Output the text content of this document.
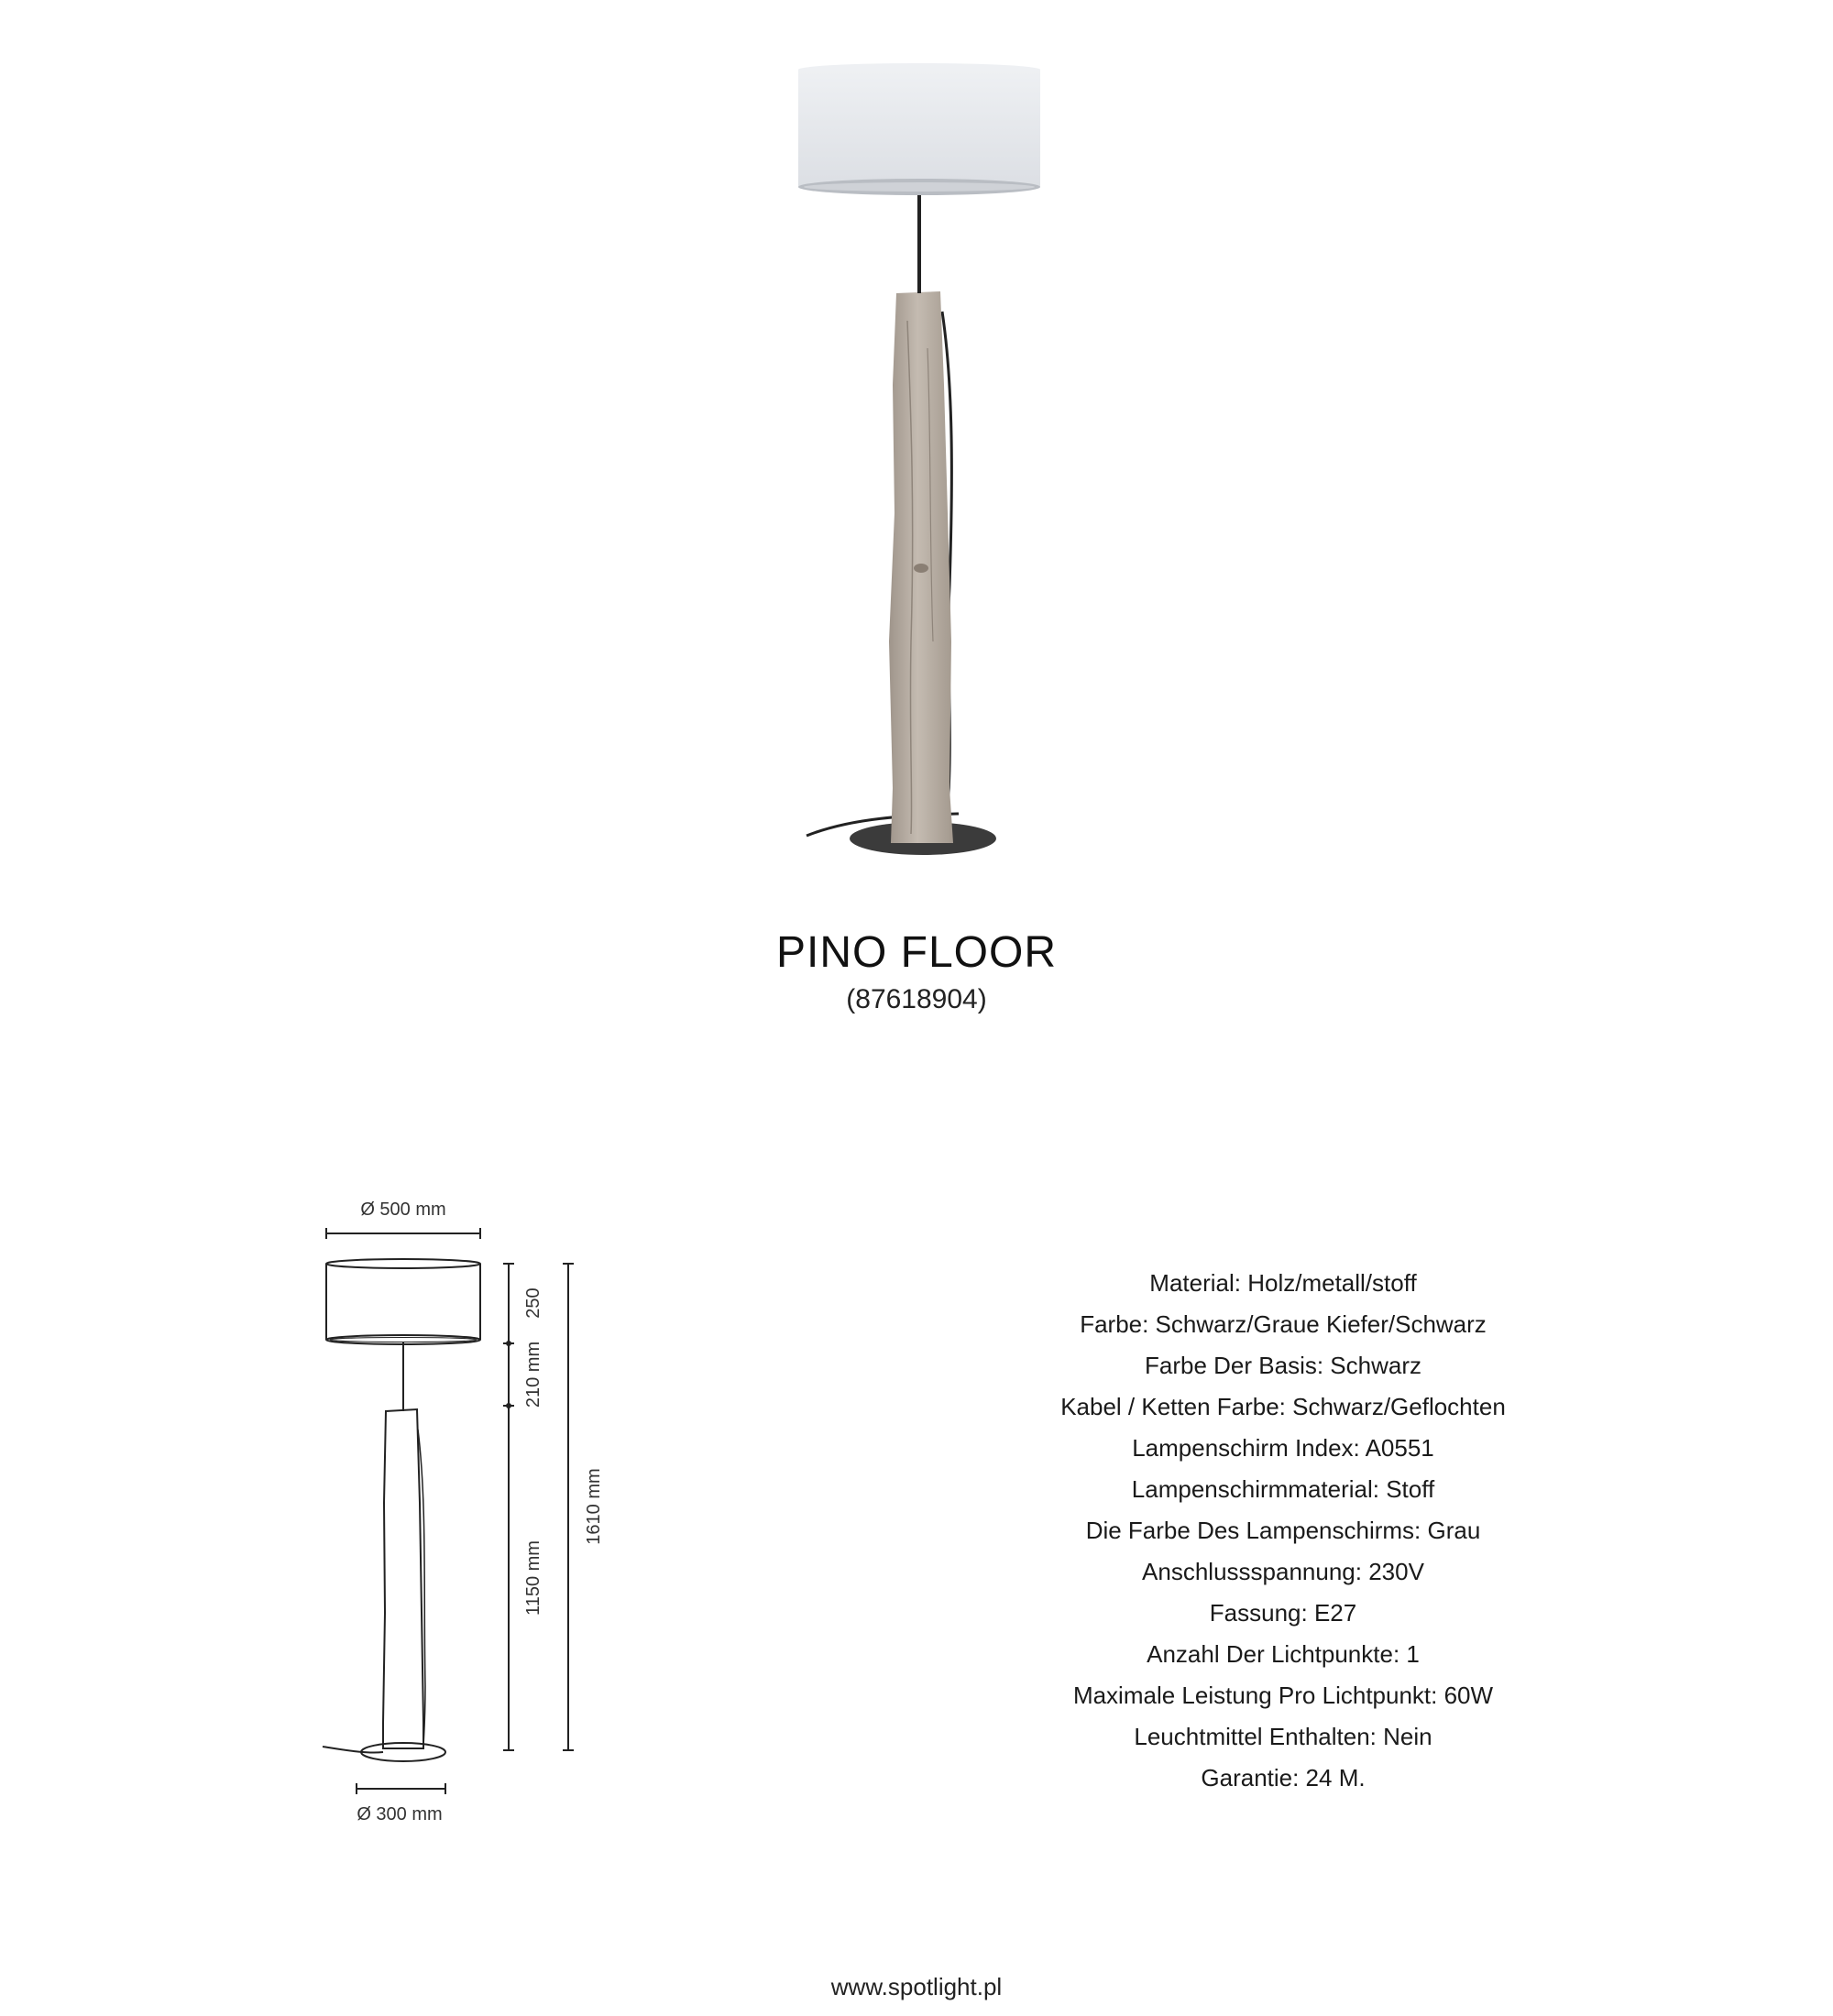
PINO FLOOR
(87618904)
Ø 500 mm
Ø 300 mm
250
210 mm
1150 mm
1610 mm
Material: Holz/metall/stoff
Farbe: Schwarz/Graue Kiefer/Schwarz
Farbe Der Basis: Schwarz
Kabel / Ketten Farbe: Schwarz/Geflochten
Lampenschirm Index: A0551
Lampenschirmmaterial: Stoff
Die Farbe Des Lampenschirms: Grau
Anschlussspannung: 230V
Fassung: E27
Anzahl Der Lichtpunkte: 1
Maximale Leistung Pro Lichtpunkt: 60W
Leuchtmittel Enthalten: Nein
Garantie: 24 M.
www.spotlight.pl
